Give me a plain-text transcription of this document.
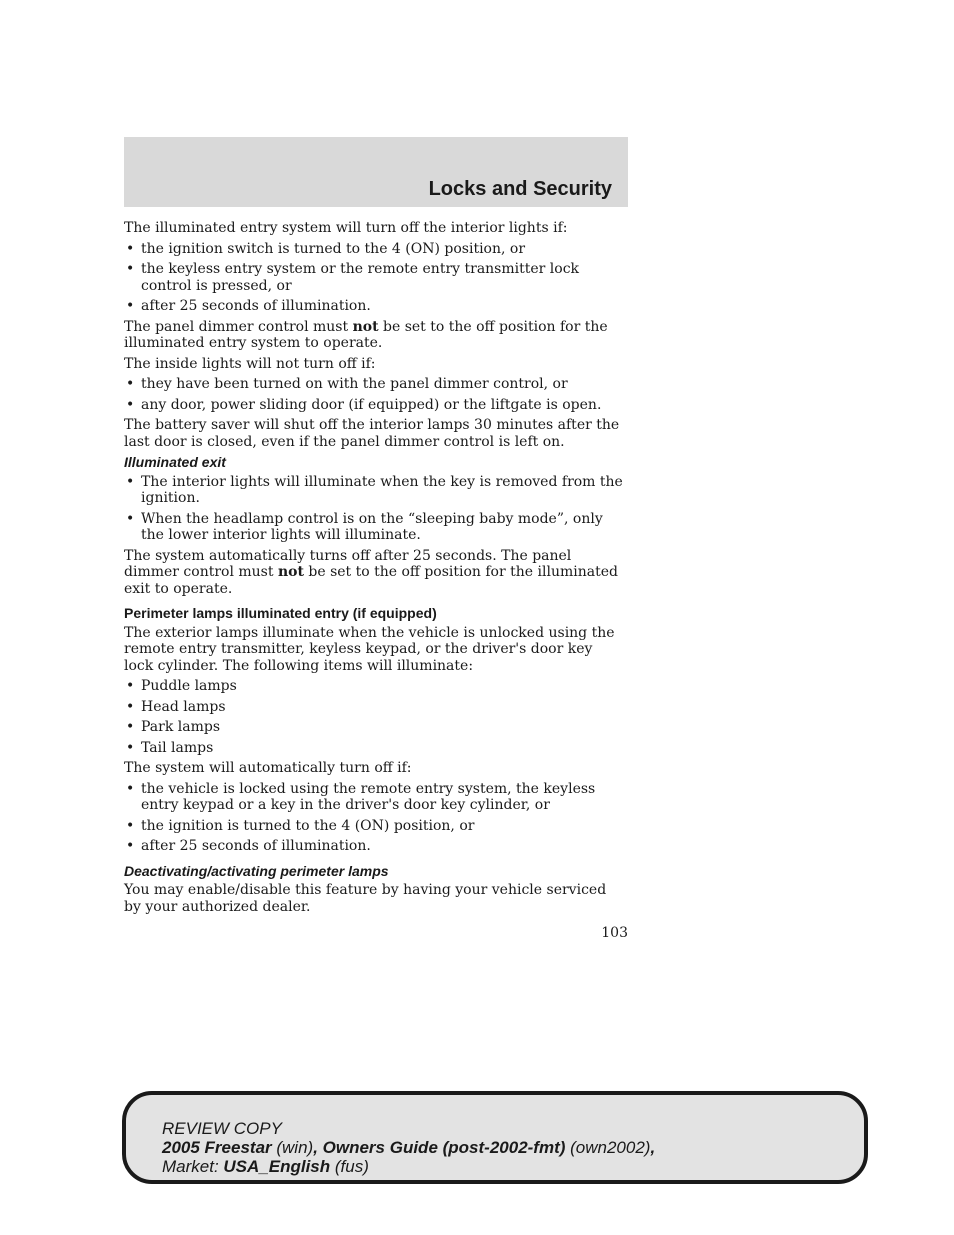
Locks and Security

The illuminated entry system will turn off the interior lights if:

• the ignition switch is turned to the 4 (ON) position, or
• the keyless entry system or the remote entry transmitter lock control is pressed, or
• after 25 seconds of illumination.

The panel dimmer control must not be set to the off position for the illuminated entry system to operate.

The inside lights will not turn off if:

• they have been turned on with the panel dimmer control, or
• any door, power sliding door (if equipped) or the liftgate is open.

The battery saver will shut off the interior lamps 30 minutes after the last door is closed, even if the panel dimmer control is left on.

Illuminated exit
• The interior lights will illuminate when the key is removed from the ignition.
• When the headlamp control is on the “sleeping baby mode”, only the lower interior lights will illuminate.

The system automatically turns off after 25 seconds. The panel dimmer control must not be set to the off position for the illuminated exit to operate.

Perimeter lamps illuminated entry (if equipped)

The exterior lamps illuminate when the vehicle is unlocked using the remote entry transmitter, keyless keypad, or the driver's door key lock cylinder. The following items will illuminate:

• Puddle lamps
• Head lamps
• Park lamps
• Tail lamps

The system will automatically turn off if:

• the vehicle is locked using the remote entry system, the keyless entry keypad or a key in the driver's door key cylinder, or
• the ignition is turned to the 4 (ON) position, or
• after 25 seconds of illumination.
Deactivating/activating perimeter lamps

You may enable/disable this feature by having your vehicle serviced by your authorized dealer.

103
REVIEW COPY
2005 Freestar (win), Owners Guide (post-2002-fmt) (own2002),
Market: USA_English (fus)
